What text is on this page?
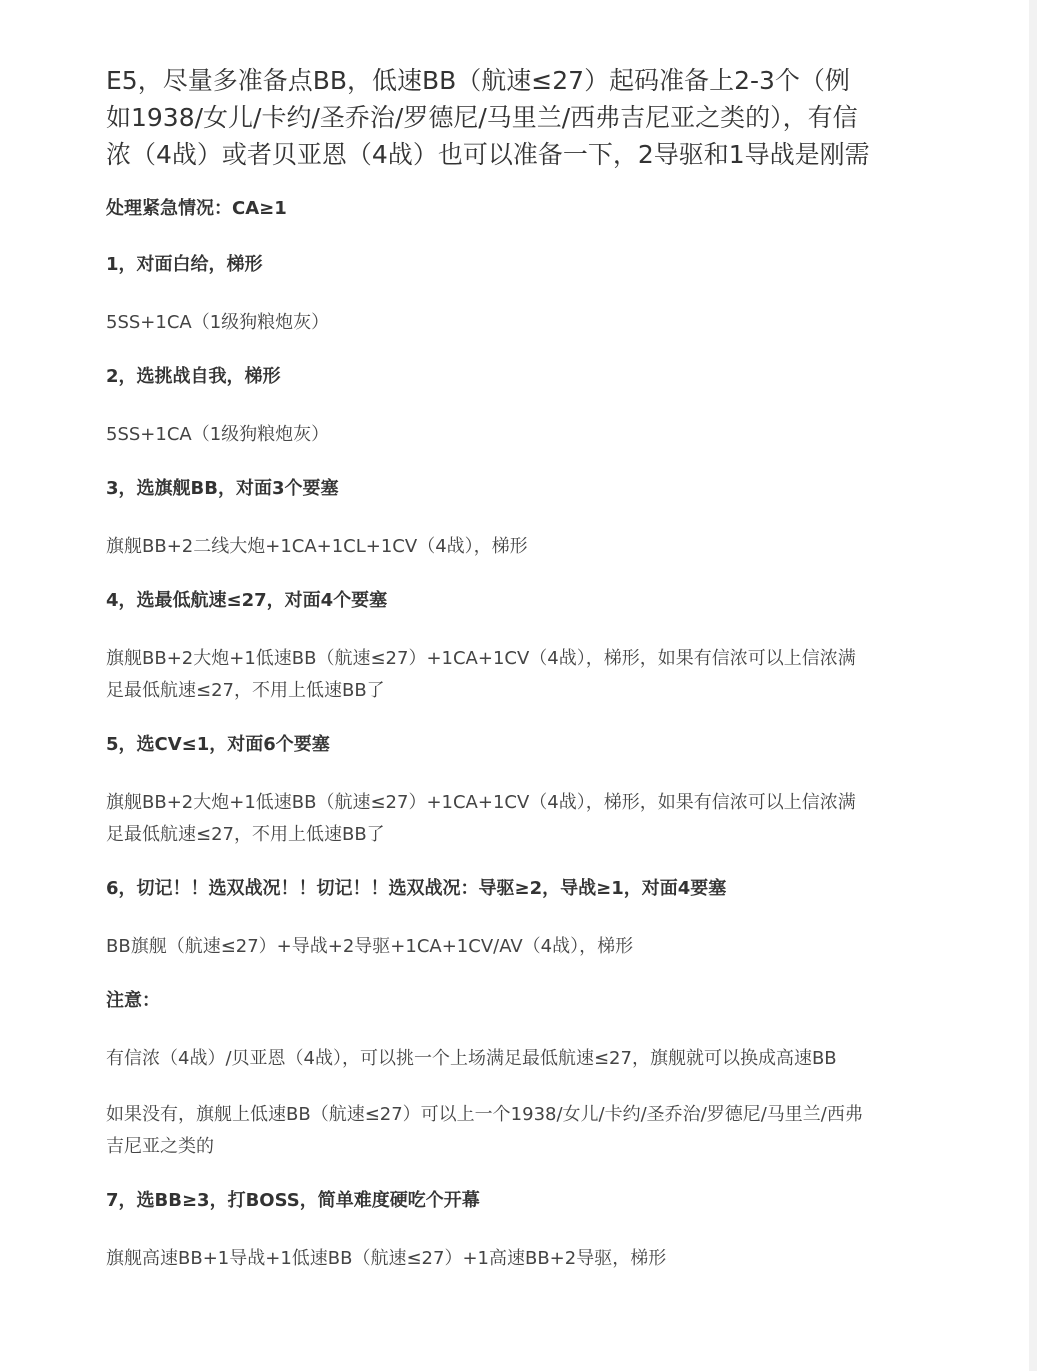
E5，尽量多准备点BB，低速BB（航速≤27）起码准备上2-3个（例如1938/女儿/卡约/圣乔治/罗德尼/马里兰/西弗吉尼亚之类的），有信浓（4战）或者贝亚恩（4战）也可以准备一下，2导驱和1导战是刚需

处理紧急情况：CA≥1

1，对面白给，梯形

5SS+1CA（1级狗粮炮灰）

2，选挑战自我，梯形

5SS+1CA（1级狗粮炮灰）

3，选旗舰BB，对面3个要塞

旗舰BB+2二线大炮+1CA+1CL+1CV（4战），梯形

4，选最低航速≤27，对面4个要塞

旗舰BB+2大炮+1低速BB（航速≤27）+1CA+1CV（4战），梯形，如果有信浓可以上信浓满足最低航速≤27，不用上低速BB了

5，选CV≤1，对面6个要塞

旗舰BB+2大炮+1低速BB（航速≤27）+1CA+1CV（4战），梯形，如果有信浓可以上信浓满足最低航速≤27，不用上低速BB了

6，切记！！选双战况！！切记！！选双战况：导驱≥2，导战≥1，对面4要塞

BB旗舰（航速≤27）+导战+2导驱+1CA+1CV/AV（4战），梯形

注意：

有信浓（4战）/贝亚恩（4战），可以挑一个上场满足最低航速≤27，旗舰就可以换成高速BB

如果没有，旗舰上低速BB（航速≤27）可以上一个1938/女儿/卡约/圣乔治/罗德尼/马里兰/西弗吉尼亚之类的

7，选BB≥3，打BOSS，简单难度硬吃个开幕

旗舰高速BB+1导战+1低速BB（航速≤27）+1高速BB+2导驱，梯形
